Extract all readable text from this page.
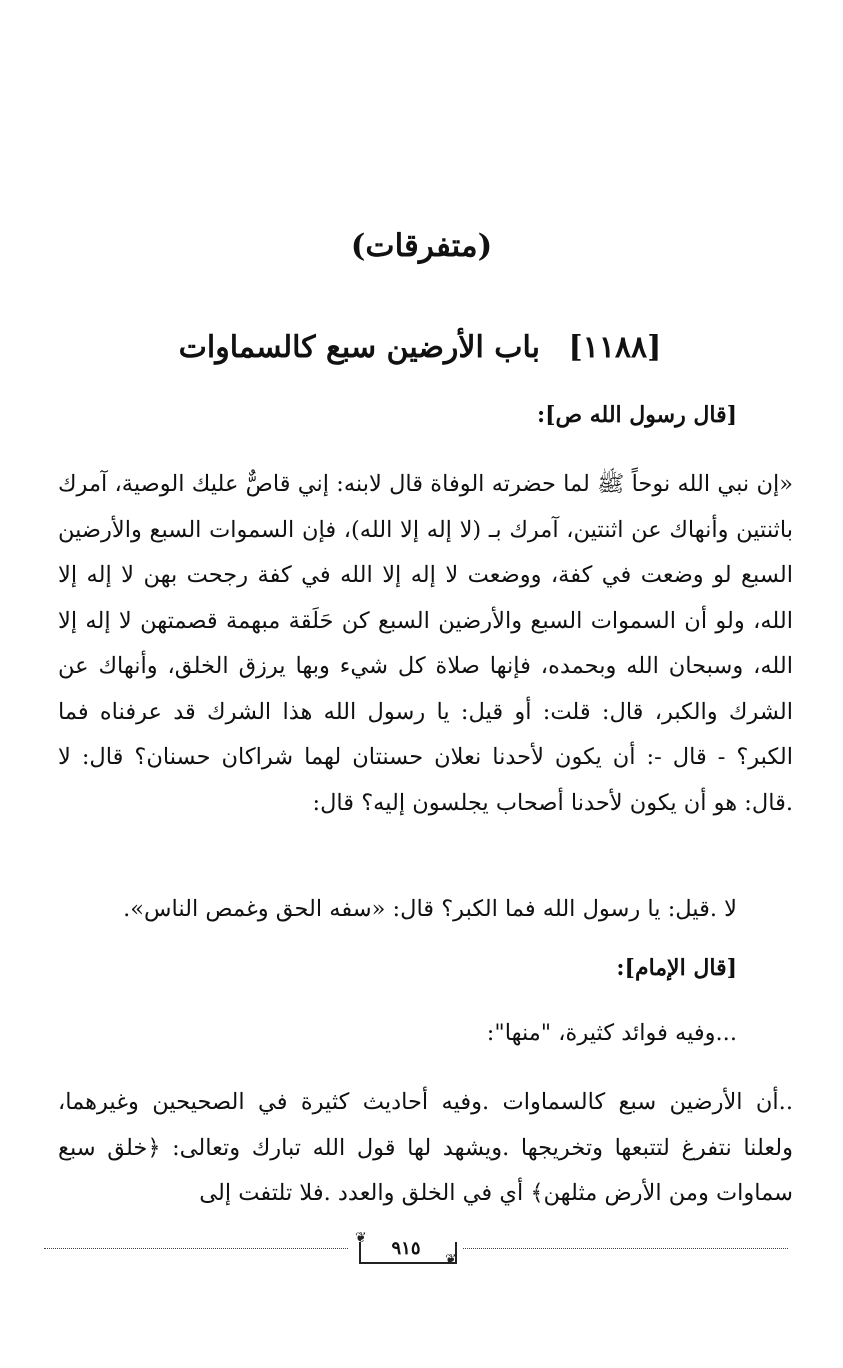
(متفرقات)
[١١٨٨] باب الأرضين سبع كالسماوات
[قال رسول الله ص]:
«إن نبي الله نوحاً ﷺ لما حضرته الوفاة قال لابنه: إني قاصٌّ عليك الوصية، آمرك باثنتين وأنهاك عن اثنتين، آمرك بـ (لا إله إلا الله)، فإن السموات السبع والأرضين السبع لو وضعت في كفة، ووضعت لا إله إلا الله في كفة رجحت بهن لا إله إلا الله، ولو أن السموات السبع والأرضين السبع كن حَلَقة مبهمة قصمتهن لا إله إلا الله، وسبحان الله وبحمده، فإنها صلاة كل شيء وبها يرزق الخلق، وأنهاك عن الشرك والكبر، قال: قلت: أو قيل: يا رسول الله هذا الشرك قد عرفناه فما الكبر؟ - قال -: أن يكون لأحدنا نعلان حسنتان لهما شراكان حسنان؟ قال: لا .قال: هو أن يكون لأحدنا أصحاب يجلسون إليه؟ قال:
لا .قيل: يا رسول الله فما الكبر؟ قال: «سفه الحق وغمص الناس».
[قال الإمام]:
...وفيه فوائد كثيرة، "منها":
..أن الأرضين سبع كالسماوات .وفيه أحاديث كثيرة في الصحيحين وغيرهما، ولعلنا نتفرغ لتتبعها وتخريجها .ويشهد لها قول الله تبارك وتعالى: ﴿خلق سبع سماوات ومن الأرض مثلهن﴾ أي في الخلق والعدد .فلا تلتفت إلى
❦
❦
٩١٥
